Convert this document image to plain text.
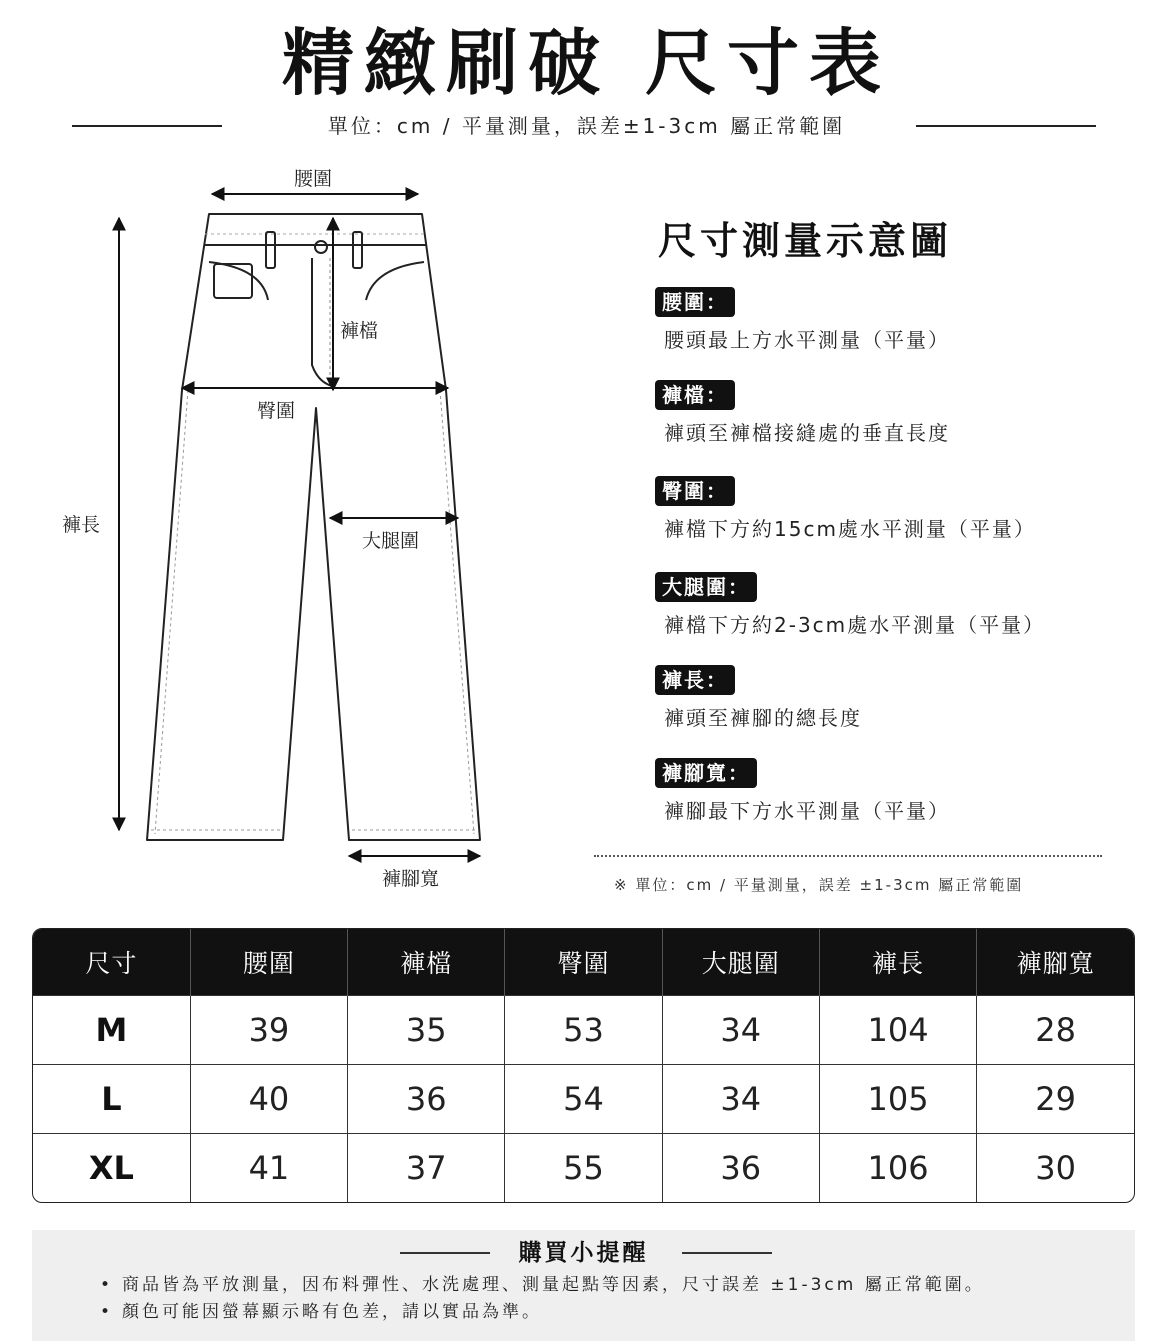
精緻刷破 尺寸表
單位：cm / 平量測量，誤差±1-3cm 屬正常範圍
腰圍
褲檔
臀圍
大腿圍
褲長
褲腳寬
尺寸測量示意圖
腰圍：
腰頭最上方水平測量（平量）
褲檔：
褲頭至褲檔接縫處的垂直長度
臀圍：
褲檔下方約15cm處水平測量（平量）
大腿圍：
褲檔下方約2-3cm處水平測量（平量）
褲長：
褲頭至褲腳的總長度
褲腳寬：
褲腳最下方水平測量（平量）
※ 單位：cm / 平量測量，誤差 ±1-3cm 屬正常範圍
尺寸	腰圍	褲檔	臀圍	大腿圍	褲長	褲腳寬
M	39	35	53	34	104	28
L	40	36	54	34	105	29
XL	41	37	55	36	106	30
購買小提醒
• 商品皆為平放測量，因布料彈性、水洗處理、測量起點等因素，尺寸誤差 ±1-3cm 屬正常範圍。
• 顏色可能因螢幕顯示略有色差，請以實品為準。
